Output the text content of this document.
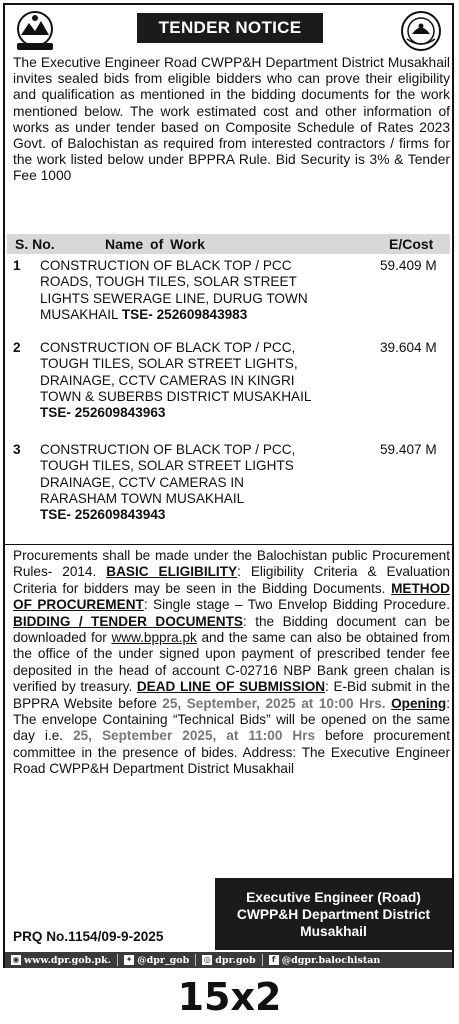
TENDER NOTICE
The Executive Engineer Road CWPP&H Department District Musakhail invites sealed bids from eligible bidders who can prove their eligibility and qualification as mentioned in the bidding documents for the work mentioned below. The work estimated cost and other information of works as under tender based on Composite Schedule of Rates 2023 Govt. of Balochistan as required from interested contractors / firms for the work listed below under BPPRA Rule. Bid Security is 3% & Tender Fee 1000
S. No.	Name of Work	E/Cost
1 CONSTRUCTION OF BLACK TOP / PCC
ROADS, TOUGH TILES, SOLAR STREET
LIGHTS SEWERAGE LINE, DURUG TOWN
MUSAKHAIL TSE- 252609843983
59.409 M
2 CONSTRUCTION OF BLACK TOP / PCC,
TOUGH TILES, SOLAR STREET LIGHTS,
DRAINAGE, CCTV CAMERAS IN KINGRI
TOWN & SUBERBS DISTRICT MUSAKHAIL
TSE- 252609843963
39.604 M
3 CONSTRUCTION OF BLACK TOP / PCC,
TOUGH TILES, SOLAR STREET LIGHTS
DRAINAGE, CCTV CAMERAS IN
RARASHAM TOWN MUSAKHAIL
TSE- 252609843943
59.407 M
Procurements shall be made under the Balochistan public Procurement Rules- 2014. BASIC ELIGIBILITY: Eligibility Criteria & Evaluation Criteria for bidders may be seen in the Bidding Documents. METHOD OF PROCUREMENT: Single stage – Two Envelop Bidding Procedure. BIDDING / TENDER DOCUMENTS: the Bidding document can be downloaded for www.bppra.pk and the same can also be obtained from the office of the under signed upon payment of prescribed tender fee deposited in the head of account C-02716 NBP Bank green chalan is verified by treasury. DEAD LINE OF SUBMISSION: E-Bid submit in the BPPRA Website before 25, September, 2025 at 10:00 Hrs. Opening: The envelope Containing “Technical Bids” will be opened on the same day i.e. 25, September 2025, at 11:00 Hrs before procurement committee in the presence of bides. Address: The Executive Engineer Road CWPP&H Department District Musakhail
Executive Engineer (Road)
CWPP&H Department District
Musakhail
PRQ No.1154/09-9-2025
◉ www.dpr.gob.pk. ✦ @dpr_gob ◎ dpr.gob	f @dgpr.balochistan
15x2
